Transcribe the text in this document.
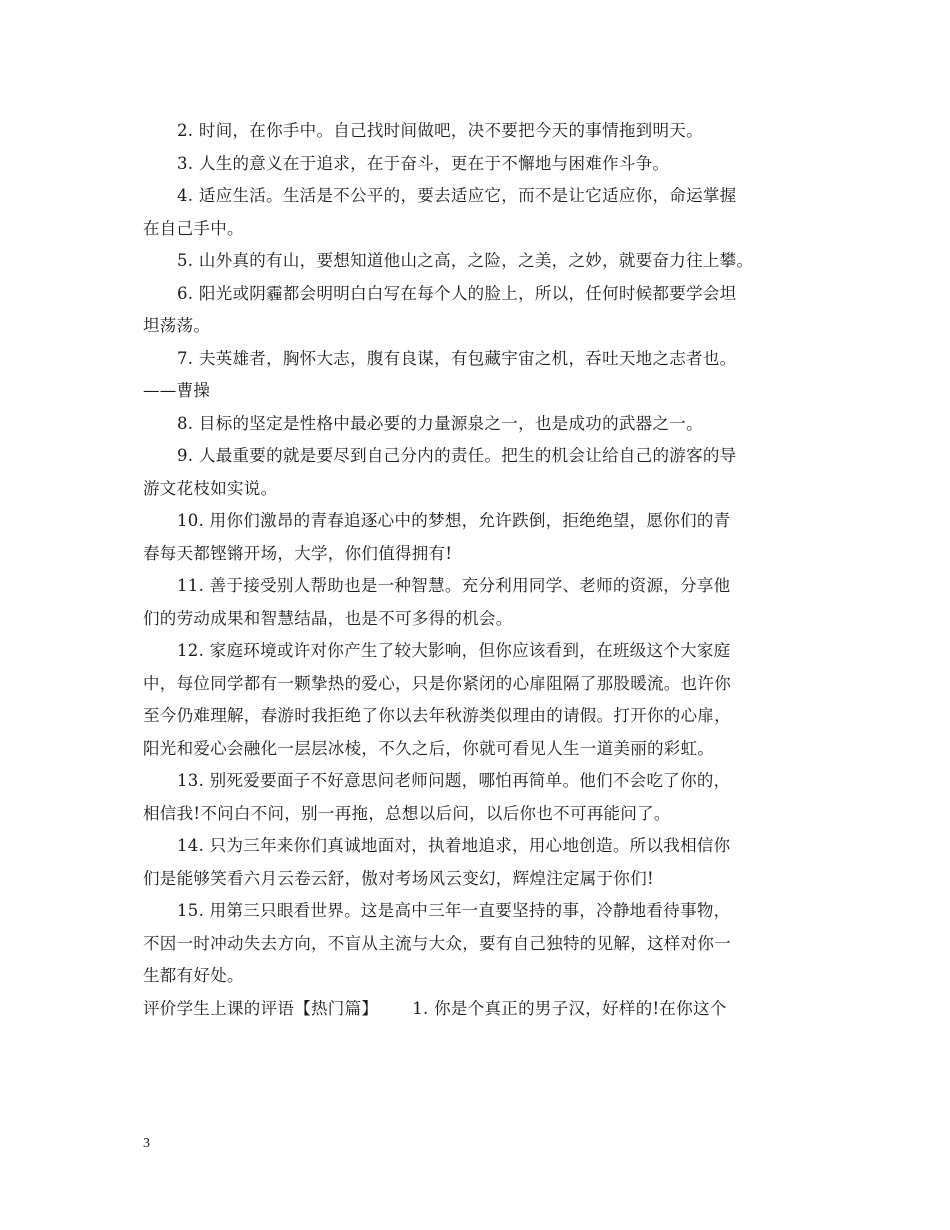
2. 时间，在你手中。自己找时间做吧，决不要把今天的事情拖到明天。

3. 人生的意义在于追求，在于奋斗，更在于不懈地与困难作斗争。

4. 适应生活。生活是不公平的，要去适应它，而不是让它适应你，命运掌握
在自己手中。

5. 山外真的有山，要想知道他山之高，之险，之美，之妙，就要奋力往上攀。

6. 阳光或阴霾都会明明白白写在每个人的脸上，所以，任何时候都要学会坦
坦荡荡。

7. 夫英雄者，胸怀大志，腹有良谋，有包藏宇宙之机，吞吐天地之志者也。
——曹操

8. 目标的坚定是性格中最必要的力量源泉之一，也是成功的武器之一。

9. 人最重要的就是要尽到自己分内的责任。把生的机会让给自己的游客的导
游文花枝如实说。

10. 用你们激昂的青春追逐心中的梦想，允许跌倒，拒绝绝望，愿你们的青
春每天都铿锵开场，大学，你们值得拥有!

11. 善于接受别人帮助也是一种智慧。充分利用同学、老师的资源，分享他
们的劳动成果和智慧结晶，也是不可多得的机会。

12. 家庭环境或许对你产生了较大影响，但你应该看到，在班级这个大家庭
中，每位同学都有一颗挚热的爱心，只是你紧闭的心扉阻隔了那股暖流。也许你
至今仍难理解，春游时我拒绝了你以去年秋游类似理由的请假。打开你的心扉，
阳光和爱心会融化一层层冰棱，不久之后，你就可看见人生一道美丽的彩虹。

13. 别死爱要面子不好意思问老师问题，哪怕再简单。他们不会吃了你的，
相信我!不问白不问，别一再拖，总想以后问，以后你也不可再能问了。

14. 只为三年来你们真诚地面对，执着地追求，用心地创造。所以我相信你
们是能够笑看六月云卷云舒，傲对考场风云变幻，辉煌注定属于你们!

15. 用第三只眼看世界。这是高中三年一直要坚持的事，冷静地看待事物，
不因一时冲动失去方向，不盲从主流与大众，要有自己独特的见解，这样对你一
生都有好处。

评价学生上课的评语【热门篇】 1. 你是个真正的男子汉，好样的!在你这个

3
